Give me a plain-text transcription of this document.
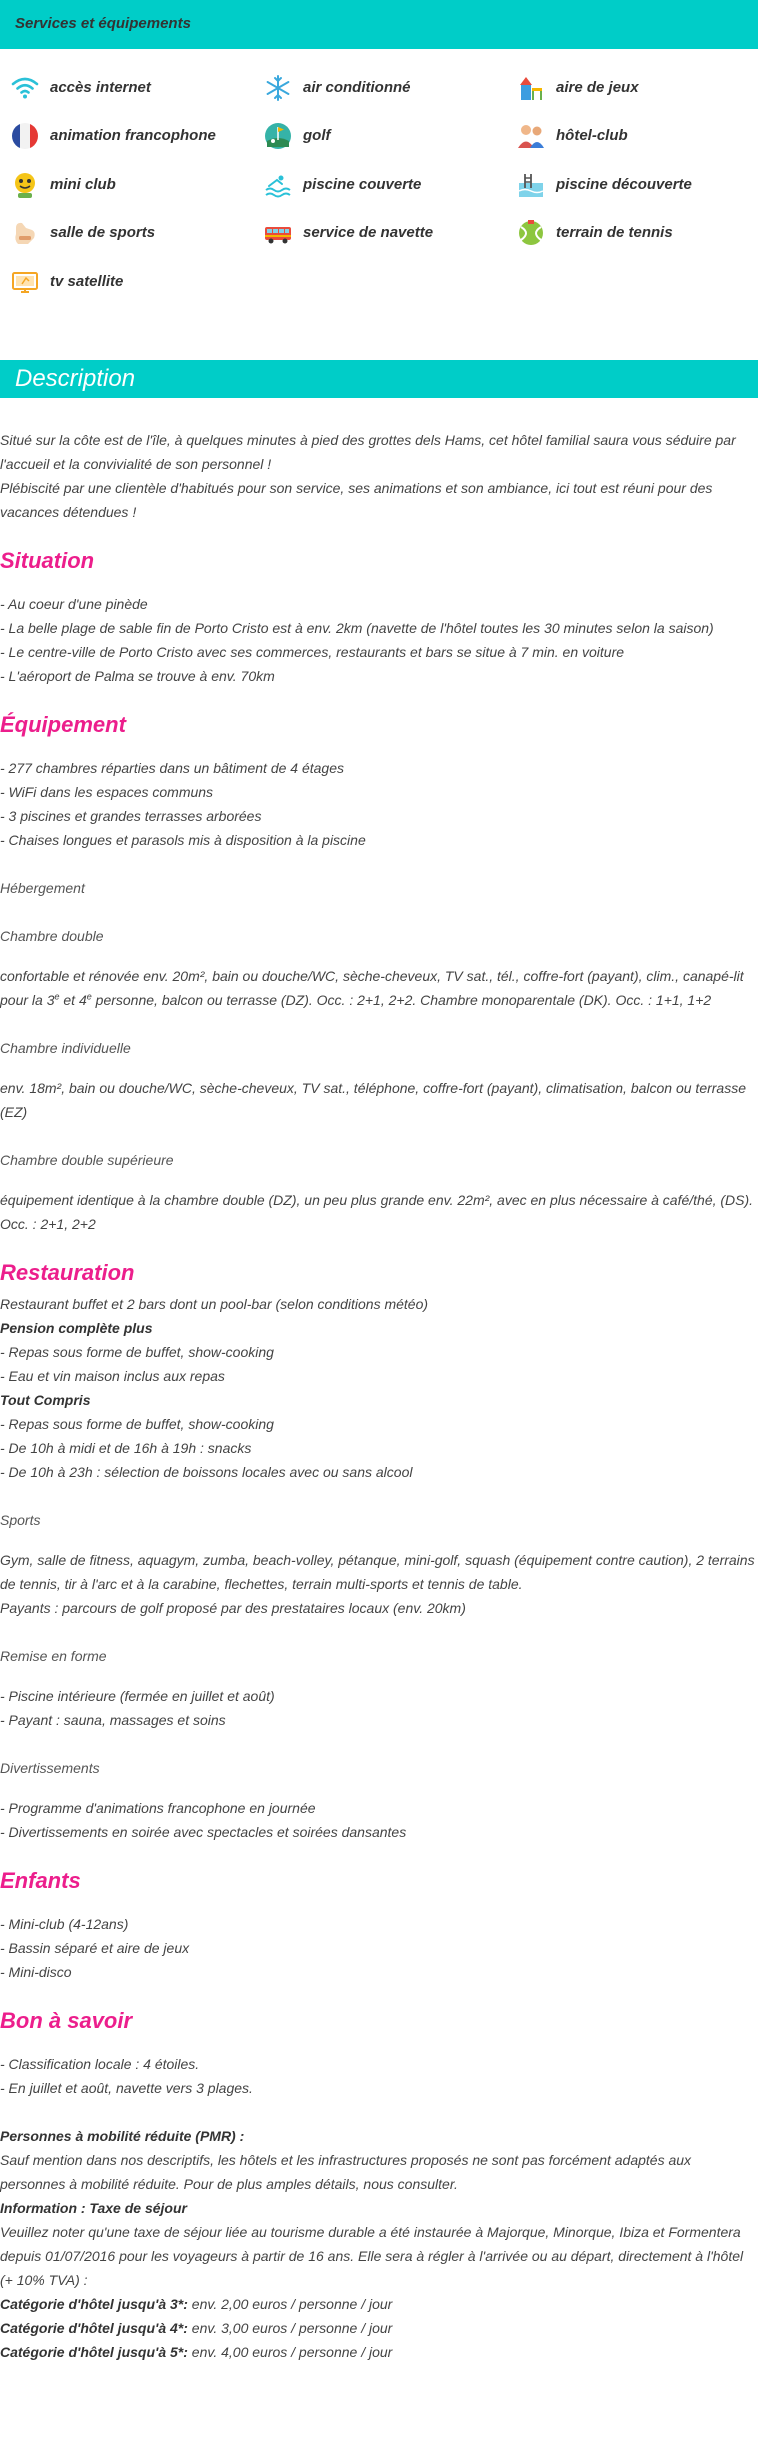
Services et équipements
accès internet	air conditionné	aire de jeux
animation francophone	golf	hôtel-club
mini club	piscine couverte	piscine découverte
salle de sports	service de navette	terrain de tennis
tv satellite
Description

Situé sur la côte est de l'île, à quelques minutes à pied des grottes dels Hams, cet hôtel familial saura vous séduire par l'accueil et la convivialité de son personnel !

Plébiscité par une clientèle d'habitués pour son service, ses animations et son ambiance, ici tout est réuni pour des vacances détendues !

Situation
- Au coeur d'une pinède
- La belle plage de sable fin de Porto Cristo est à env. 2km (navette de l'hôtel toutes les 30 minutes selon la saison)
- Le centre-ville de Porto Cristo avec ses commerces, restaurants et bars se situe à 7 min. en voiture
- L'aéroport de Palma se trouve à env. 70km
Équipement
- 277 chambres réparties dans un bâtiment de 4 étages
- WiFi dans les espaces communs
- 3 piscines et grandes terrasses arborées
- Chaises longues et parasols mis à disposition à la piscine

Hébergement

Chambre double

confortable et rénovée env. 20m², bain ou douche/WC, sèche-cheveux, TV sat., tél., coffre-fort (payant), clim., canapé-lit pour la 3e et 4e personne, balcon ou terrasse (DZ). Occ. : 2+1, 2+2. Chambre monoparentale (DK). Occ. : 1+1, 1+2

Chambre individuelle

env. 18m², bain ou douche/WC, sèche-cheveux, TV sat., téléphone, coffre-fort (payant), climatisation, balcon ou terrasse (EZ)

Chambre double supérieure

équipement identique à la chambre double (DZ), un peu plus grande env. 22m², avec en plus nécessaire à café/thé, (DS). Occ. : 2+1, 2+2

Restauration

Restaurant buffet et 2 bars dont un pool-bar (selon conditions météo)

Pension complète plus

- Repas sous forme de buffet, show-cooking
- Eau et vin maison inclus aux repas

Tout Compris

- Repas sous forme de buffet, show-cooking
- De 10h à midi et de 16h à 19h : snacks
- De 10h à 23h : sélection de boissons locales avec ou sans alcool

Sports

Gym, salle de fitness, aquagym, zumba, beach-volley, pétanque, mini-golf, squash (équipement contre caution), 2 terrains de tennis, tir à l'arc et à la carabine, flechettes, terrain multi-sports et tennis de table.

Payants : parcours de golf proposé par des prestataires locaux (env. 20km)

Remise en forme

- Piscine intérieure (fermée en juillet et août)
- Payant : sauna, massages et soins

Divertissements

- Programme d'animations francophone en journée
- Divertissements en soirée avec spectacles et soirées dansantes
Enfants
- Mini-club (4-12ans)
- Bassin séparé et aire de jeux
- Mini-disco
Bon à savoir
- Classification locale : 4 étoiles.
- En juillet et août, navette vers 3 plages.

Personnes à mobilité réduite (PMR) :

Sauf mention dans nos descriptifs, les hôtels et les infrastructures proposés ne sont pas forcément adaptés aux personnes à mobilité réduite. Pour de plus amples détails, nous consulter.

Information : Taxe de séjour

Veuillez noter qu'une taxe de séjour liée au tourisme durable a été instaurée à Majorque, Minorque, Ibiza et Formentera depuis 01/07/2016 pour les voyageurs à partir de 16 ans. Elle sera à régler à l'arrivée ou au départ, directement à l'hôtel (+ 10% TVA) :

Catégorie d'hôtel jusqu'à 3*: env. 2,00 euros / personne / jour

Catégorie d'hôtel jusqu'à 4*: env. 3,00 euros / personne / jour

Catégorie d'hôtel jusqu'à 5*: env. 4,00 euros / personne / jour
